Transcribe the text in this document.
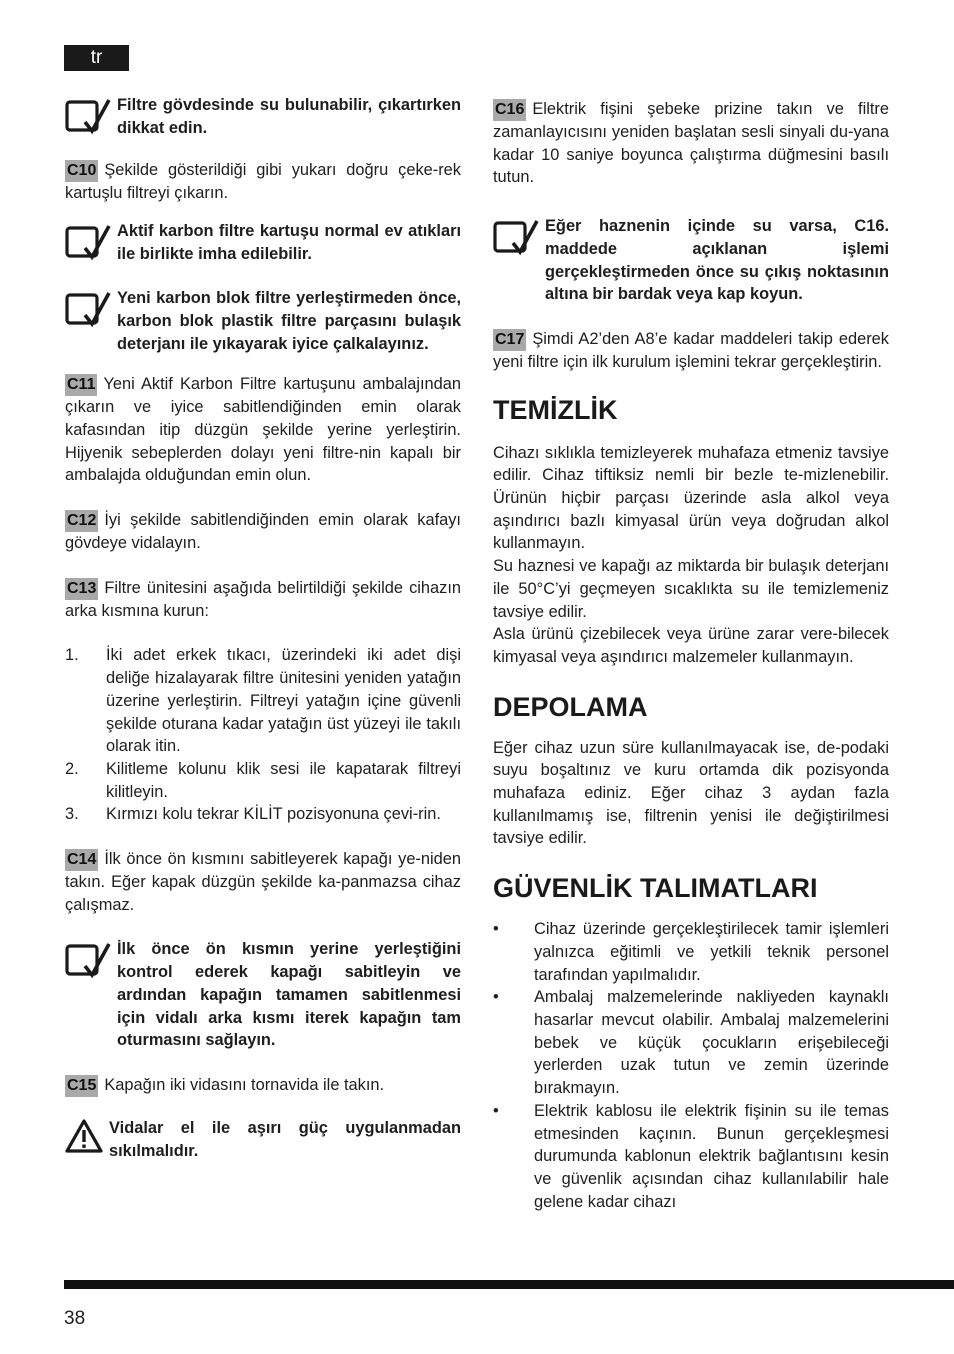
tr
Filtre gövdesinde su bulunabilir, çıkartırken dikkat edin.

C10 Şekilde gösterildiği gibi yukarı doğru çeke-rek kartuşlu filtreyi çıkarın.

Aktif karbon filtre kartuşu normal ev atıkları ile birlikte imha edilebilir.
Yeni karbon blok filtre yerleştirmeden önce, karbon blok plastik filtre parçasını bulaşık deterjanı ile yıkayarak iyice çalkalayınız.

C11 Yeni Aktif Karbon Filtre kartuşunu ambalajından çıkarın ve iyice sabitlendiğinden emin olarak kafasından itip düzgün şekilde yerine yerleştirin. Hijyenik sebeplerden dolayı yeni filtre-nin kapalı bir ambalajda olduğundan emin olun.

C12 İyi şekilde sabitlendiğinden emin olarak kafayı gövdeye vidalayın.

C13 Filtre ünitesini aşağıda belirtildiği şekilde cihazın arka kısmına kurun:

1.	İki adet erkek tıkacı, üzerindeki iki adet dişi deliğe hizalayarak filtre ünitesini yeniden yatağın üzerine yerleştirin. Filtreyi yatağın içine güvenli şekilde oturana kadar yatağın üst yüzeyi ile takılı olarak itin.
2.	Kilitleme kolunu klik sesi ile kapatarak filtreyi kilitleyin.
3.	Kırmızı kolu tekrar KİLİT pozisyonuna çevi-rin.

C14 İlk önce ön kısmını sabitleyerek kapağı ye-niden takın. Eğer kapak düzgün şekilde ka-panmazsa cihaz çalışmaz.

İlk önce ön kısmın yerine yerleştiğini kontrol ederek kapağı sabitleyin ve ardından kapağın tamamen sabitlenmesi için vidalı arka kısmı iterek kapağın tam oturmasını sağlayın.

C15 Kapağın iki vidasını tornavida ile takın.

Vidalar el ile aşırı güç uygulanmadan sıkılmalıdır.

C16 Elektrik fişini şebeke prizine takın ve filtre zamanlayıcısını yeniden başlatan sesli sinyali du-yana kadar 10 saniye boyunca çalıştırma düğmesini basılı tutun.

Eğer haznenin içinde su varsa, C16. maddede açıklanan işlemi gerçekleştirmeden önce su çıkış noktasının altına bir bardak veya kap koyun.

C17 Şimdi A2’den A8’e kadar maddeleri takip ederek yeni filtre için ilk kurulum işlemini tekrar gerçekleştirin.

TEMİZLİK

Cihazı sıklıkla temizleyerek muhafaza etmeniz tavsiye edilir. Cihaz tiftiksiz nemli bir bezle te-mizlenebilir. Ürünün hiçbir parçası üzerinde asla alkol veya aşındırıcı bazlı kimyasal ürün veya doğrudan alkol kullanmayın.

Su haznesi ve kapağı az miktarda bir bulaşık deterjanı ile 50°C’yi geçmeyen sıcaklıkta su ile temizlemeniz tavsiye edilir.

Asla ürünü çizebilecek veya ürüne zarar vere-bilecek kimyasal veya aşındırıcı malzemeler kullanmayın.

DEPOLAMA

Eğer cihaz uzun süre kullanılmayacak ise, de-podaki suyu boşaltınız ve kuru ortamda dik pozisyonda muhafaza ediniz. Eğer cihaz 3 aydan fazla kullanılmamış ise, filtrenin yenisi ile değiştirilmesi tavsiye edilir.

GÜVENLİK TALIMATLARI
•	Cihaz üzerinde gerçekleştirilecek tamir işlemleri yalnızca eğitimli ve yetkili teknik personel tarafından yapılmalıdır.
•	Ambalaj malzemelerinde nakliyeden kaynaklı hasarlar mevcut olabilir. Ambalaj malzemelerini bebek ve küçük çocukların erişebileceği yerlerden uzak tutun ve zemin üzerinde bırakmayın.
•	Elektrik kablosu ile elektrik fişinin su ile temas etmesinden kaçının. Bunun gerçekleşmesi durumunda kablonun elektrik bağlantısını kesin ve güvenlik açısından cihaz kullanılabilir hale gelene kadar cihazı
38
